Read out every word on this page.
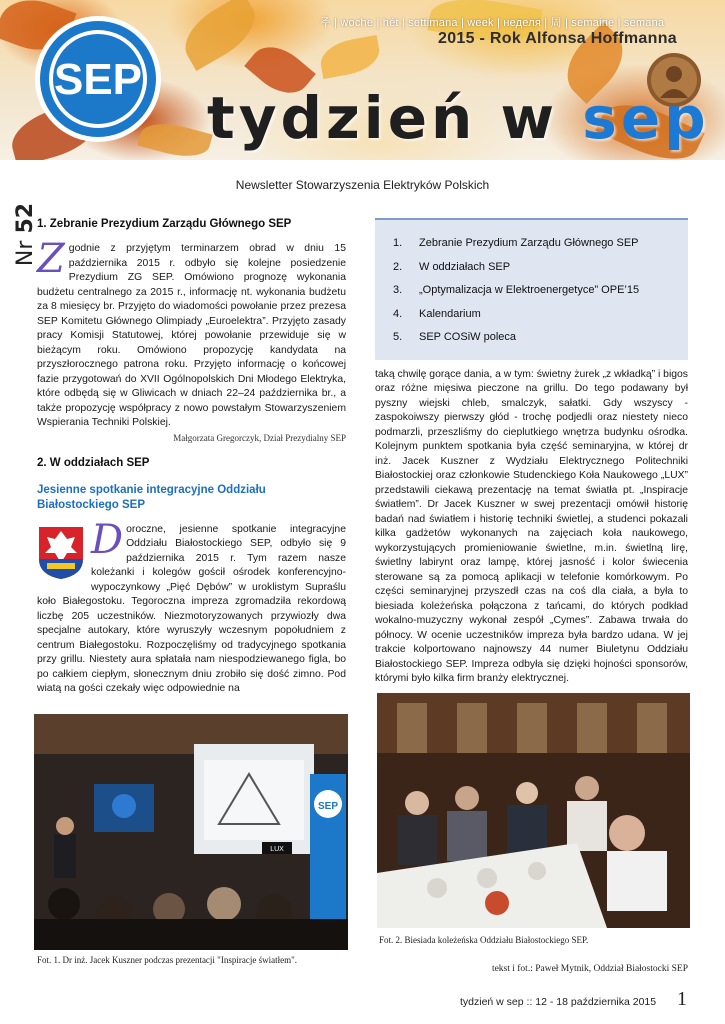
SEP
주 | woche | hét | settimana | week | неделя | 周 | semaine | semana
2015 - Rok Alfonsa Hoffmanna
tydzień w sep
Newsletter Stowarzyszenia Elektryków Polskich
Nr 52
1. Zebranie Prezydium Zarządu Głównego SEP

Zgodnie z przyjętym terminarzem obrad w dniu 15 października 2015 r. odbyło się kolejne posiedzenie Prezydium ZG SEP. Omówiono prognozę wykonania budżetu centralnego za 2015 r., informację nt. wykonania budżetu za 8 miesięcy br. Przyjęto do wiadomości powołanie przez prezesa SEP Komitetu Głównego Olimpiady „Euroelektra”. Przyjęto zasady pracy Komisji Statutowej, której powołanie przewiduje się w bieżącym roku. Omówiono propozycję kandydata na przyszłorocznego patrona roku. Przyjęto informację o końcowej fazie przygotowań do XVII Ogólnopolskich Dni Młodego Elektryka, które odbędą się w Gliwicach w dniach 22–24 października br., a także propozycję współpracy z nowo powstałym Stowarzyszeniem Wspierania Techniki Polskiej.

Małgorzata Gregorczyk, Dział Prezydialny SEP
2. W oddziałach SEP
Jesienne spotkanie integracyjne Oddziału Białostockiego SEP

Doroczne, jesienne spotkanie integracyjne Oddziału Białostockiego SEP, odbyło się 9 października 2015 r. Tym razem nasze koleżanki i kolegów gościł ośrodek konferencyjno-wypoczynkowy „Pięć Dębów” w uroklistym Supraślu koło Białegostoku. Tegoroczna impreza zgromadziła rekordową liczbę 205 uczestników. Niezmotoryzowanych przywiozły dwa specjalne autokary, które wyruszyły wczesnym popołudniem z centrum Białegostoku. Rozpoczęliśmy od tradycyjnego spotkania przy grillu. Niestety aura spłatała nam niespodziewanego figla, bo po całkiem ciepłym, słonecznym dniu zrobiło się dość zimno. Pod wiatą na gości czekały więc odpowiednie na

1.	Zebranie Prezydium Zarządu Głównego SEP
2.	W oddziałach SEP
3.	„Optymalizacja w Elektroenergetyce” OPE’15
4.	Kalendarium
5.	SEP COSiW poleca

taką chwilę gorące dania, a w tym: świetny żurek „z wkładką” i bigos oraz różne mięsiwa pieczone na grillu. Do tego podawany był pyszny wiejski chleb, smalczyk, sałatki. Gdy wszyscy - zaspokoiwszy pierwszy głód - trochę podjedli oraz niestety nieco podmarzli, przeszliśmy do cieplutkiego wnętrza budynku ośrodka. Kolejnym punktem spotkania była część seminaryjna, w której dr inż. Jacek Kuszner z Wydziału Elektrycznego Politechniki Białostockiej oraz członkowie Studenckiego Koła Naukowego „LUX” przedstawili ciekawą prezentację na temat światła pt. „Inspiracje światłem”. Dr Jacek Kuszner w swej prezentacji omówił historię badań nad światłem i historię techniki świetlej, a studenci pokazali kilka gadżetów wykonanych na zajęciach koła naukowego, wykorzystujących promieniowanie świetlne, m.in. świetlną lirę, świetlny labirynt oraz lampę, której jasność i kolor świecenia sterowane są za pomocą aplikacji w telefonie komórkowym. Po części seminaryjnej przyszedł czas na coś dla ciała, a była to biesiada koleżeńska połączona z tańcami, do których podkład wokalno-muzyczny wykonał zespół „Cymes”. Zabawa trwała do północy. W ocenie uczestników impreza była bardzo udana. W jej trakcie kolportowano najnowszy 44 numer Biuletynu Oddziału Białostockiego SEP. Impreza odbyła się dzięki hojności sponsorów, którymi było kilka firm branży elektrycznej.

SEP
LUX
Fot. 1. Dr inż. Jacek Kuszner podczas prezentacji "Inspiracje światłem".
Fot. 2. Biesiada koleżeńska Oddziału Białostockiego SEP.
tekst i fot.: Paweł Mytnik, Oddział Białostocki SEP
tydzień w sep :: 12 - 18 października 2015 1
